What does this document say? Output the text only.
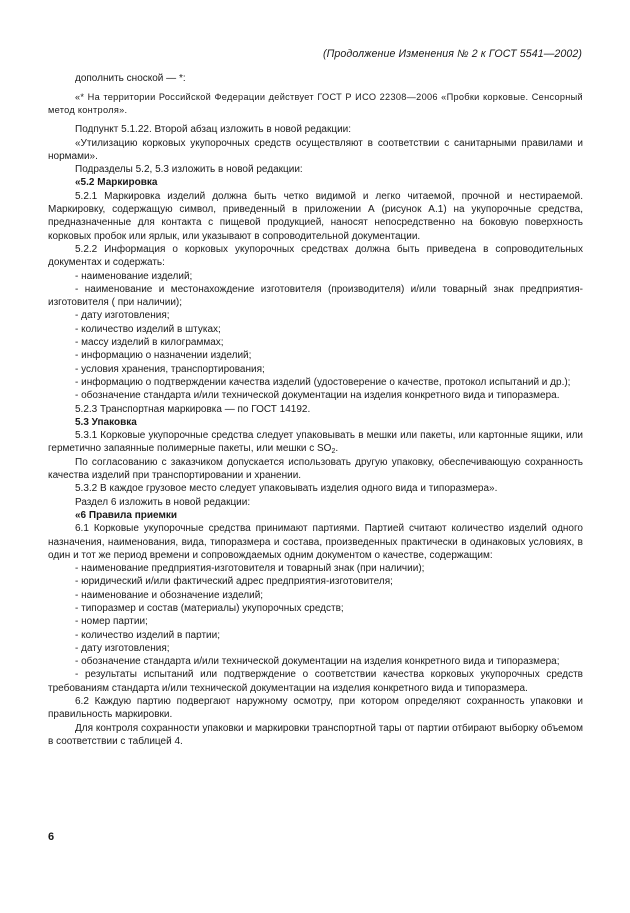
(Продолжение Изменения № 2 к ГОСТ 5541—2002)

дополнить сноской — *:

«* На территории Российской Федерации действует ГОСТ Р ИСО 22308—2006 «Пробки корковые. Сенсорный метод контроля».

Подпункт 5.1.22. Второй абзац изложить в новой редакции:

«Утилизацию корковых укупорочных средств осуществляют в соответствии с санитарными правилами и нормами».

Подразделы 5.2, 5.3 изложить в новой редакции:

«5.2 Маркировка

5.2.1 Маркировка изделий должна быть четко видимой и легко читаемой, прочной и нестираемой. Маркировку, содержащую символ, приведенный в приложении А (рисунок А.1) на укупорочные средства, предназначенные для контакта с пищевой продукцией, наносят непосредственно на боковую поверхность корковых пробок или ярлык, или указывают в сопроводительной документации.

5.2.2 Информация о корковых укупорочных средствах должна быть приведена в сопроводительных документах и содержать:

- наименование изделий;

- наименование и местонахождение изготовителя (производителя) и/или товарный знак предприятия-изготовителя ( при наличии);

- дату изготовления;

- количество изделий в штуках;

- массу изделий в килограммах;

- информацию о назначении изделий;

- условия хранения, транспортирования;

- информацию о подтверждении качества изделий (удостоверение о качестве, протокол испытаний и др.);

- обозначение стандарта и/или технической документации на изделия конкретного вида и типоразмера.

5.2.3 Транспортная маркировка — по ГОСТ 14192.

5.3 Упаковка

5.3.1 Корковые укупорочные средства следует упаковывать в мешки или пакеты, или картонные ящики, или герметично запаянные полимерные пакеты, или мешки с $SO_2$.

По согласованию с заказчиком допускается использовать другую упаковку, обеспечивающую сохранность качества изделий при транспортировании и хранении.

5.3.2 В каждое грузовое место следует упаковывать изделия одного вида и типоразмера».

Раздел 6 изложить в новой редакции:

«6 Правила приемки

6.1 Корковые укупорочные средства принимают партиями. Партией считают количество изделий одного назначения, наименования, вида, типоразмера и состава, произведенных практически в одинаковых условиях, в один и тот же период времени и сопровождаемых одним документом о качестве, содержащим:

- наименование предприятия-изготовителя и товарный знак (при наличии);

- юридический и/или фактический адрес предприятия-изготовителя;

- наименование и обозначение изделий;

- типоразмер и состав (материалы) укупорочных средств;

- номер партии;

- количество изделий в партии;

- дату изготовления;

- обозначение стандарта и/или технической документации на изделия конкретного вида и типоразмера;

- результаты испытаний или подтверждение о соответствии качества корковых укупорочных средств требованиям стандарта и/или технической документации на изделия конкретного вида и типоразмера.

6.2 Каждую партию подвергают наружному осмотру, при котором определяют сохранность упаковки и правильность маркировки.

Для контроля сохранности упаковки и маркировки транспортной тары от партии отбирают выборку объемом в соответствии с таблицей 4.

6
